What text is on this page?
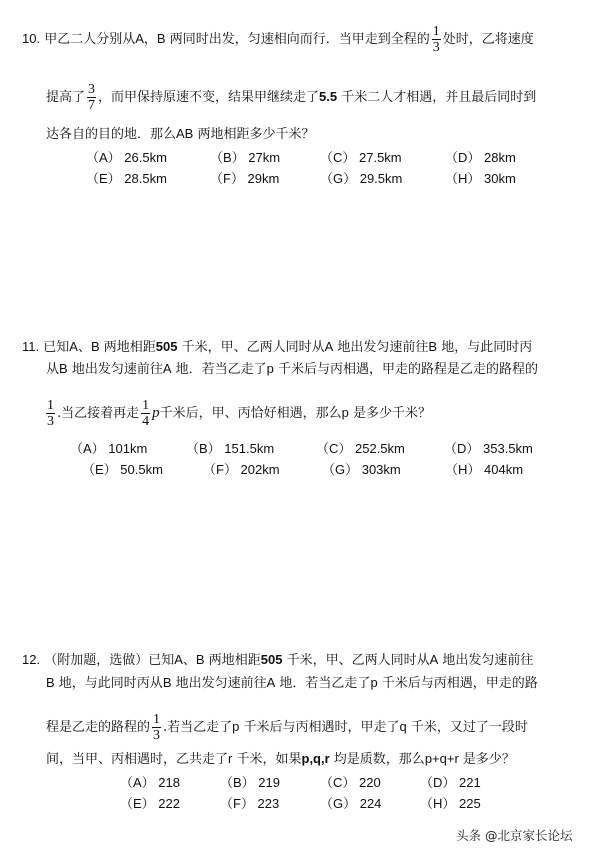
10. 甲乙二人分别从A，B 两同时出发，匀速相向而行．当甲走到全程的 $\frac{1}{3}$ 处时，乙将速度
提高了 $\frac{3}{7}$ ，而甲保持原速不变，结果甲继续走了5.5 千米二人才相遇，并且最后同时到
达各自的目的地．那么AB 两地相距多少千米？
（A） 26.5km	（B） 27km	（C） 27.5km	（D） 28km
（E） 28.5km	（F） 29km	（G） 29.5km	（H） 30km
11. 已知A、B 两地相距505 千米，甲、乙两人同时从A 地出发匀速前往B 地，与此同时丙
从B 地出发匀速前往A 地．若当乙走了p 千米后与丙相遇，甲走的路程是乙走的路程的
$\frac{1}{3}$ .当乙接着再走 $\frac{1}{4}$ p千米后，甲、丙恰好相遇，那么p 是多少千米？
（A） 101km	（B） 151.5km	（C） 252.5km	（D） 353.5km
（E） 50.5km	（F） 202km	（G） 303km	（H） 404km
12. （附加题，选做）已知A、B 两地相距505 千米，甲、乙两人同时从A 地出发匀速前往
B 地，与此同时丙从B 地出发匀速前往A 地．若当乙走了p 千米后与丙相遇，甲走的路
程是乙走的路程的 $\frac{1}{3}$ .若当乙走了p 千米后与丙相遇时，甲走了q 千米，又过了一段时
间，当甲、丙相遇时，乙共走了r 千米，如果p,q,r 均是质数，那么p+q+r 是多少？
（A） 218	（B） 219	（C） 220	（D） 221
（E） 222	（F） 223	（G） 224	（H） 225
头条 @北京家长论坛
